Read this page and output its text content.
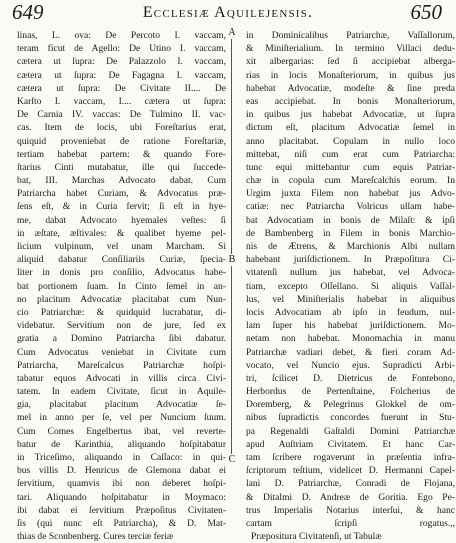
649	Ecclesiæ Aquilejensis.	650
linas, L. ova: De Percoto I. vaccam,
teram ficut de Agello: De Utino I. vaccam,
cætera ut ſupra: De Palazzolo I. vaccam,
cætera ut ſupra: De Fagagna I. vaccam,
cætera ut ſupra: De Civitate II.... De
Karſto I. vaccam, I.... cætera ut ſupra:
De Carnia IV. vaccas: De Tulmino II. vac-
cas. Item de locis, ubi Foreſtarius erat,
quiquid proveniebat de ratione Foreſtariæ,
tertiam habebat partem: & quando Fore-
ſtarius Cinti mutabatur, ille qui ſuccede-
bat, III. Marchas Advocato dabat. Cum
Patriarcha habet Curiam, & Advocatus præ-
ſens eſt, & in Curia fervit; ſi eſt in hye-
me, dabat Advocato hyemales veſtes: ſi
in æſtate, æſtivales: & qualibet hyeme pel-
licium vulpinum, vel unam Marcham. Si
aliquid dabatur Conſiliariis Curiæ, ſpecia-
liter in donis pro conſilio, Advocatus habe-
bat portionem ſuam. In Cinto ſemel in an-
no placitum Advocatiæ placitabat cum Nun-
cio Patriarchæ: & quidquid lucrabatur, di-
videbatur. Servitium non de jure, ſed ex
gratia a Domino Patriarcha ſibi dabatur.
Cum Advocatus veniebat in Civitate cum
Patriarcha, Mareſcalcus Patriarchæ hoſpi-
tabatur equos Advocati in villis circa Civi-
tatem. In eadem Civitate, ſicut in Aquile-
gia, placitabat placitum Advocatiæ ſe-
mel in anno per ſe, vel per Nuncium ſuum.
Cum Comes Engelbertus ibat, vel reverte-
batur de Karinthia, aliquando hoſpitabatur
in Triceſimo, aliquando in Caſſaco: in qui-
bus villis D. Henricus de Glemona dabat ei
ſervitium, quamvis ibi non deberet hoſpi-
tari. Aliquando hoſpitabatur in Moymaco:
ibi dabat ei ſervitium Præpoſitus Civitaten-
ſis (qui nunc eſt Patriarcha), & D. Mat-
thias de Sconbenberg. Cures terciæ feriæ
in Dominicalibus Patriarchæ, Vaſſallorum,
& Miniſterialium. In termino Villaci dedu-
xit albergarias: ſed ſi accipiebat alberga-
rias in locis Monaſteriorum, in quibus jus
habebat Advocatiæ, modeſte & ſine preda
eas accipiebat. In bonis Monaſteriorum,
in quibus jus habebat Advocatiæ, ut ſupra
dictum eſt, placitum Advocatiæ ſemel in
anno placitabat. Copulam in nullo loco
mittebat, niſi cum erat cum Patriarcha:
tunc equi mittebantur cum equis Patriar-
chæ in copula cum Mareſcalchis eorum. In
Urgim juxta Filem non habebat jus Advo-
catiæ: nec Patriarcha Volricus ullam habe-
bat Advocatiam in bonis de Milaſt: & ipſi
de Bambenberg in Filem in bonis Marchio-
nis de Ætrens, & Marchionis Albi nullam
habebant juriſdictionem. In Præpoſitura Ci-
vitatenſi nullum jus habebat, vel Advoca-
tiam, excepto Oſſellano. Si aliquis Vaſſal-
lus, vel Miniſterialis habebat in aliquibus
locis Advocatiam ab ipſo in feudum, nul-
lam ſuper his habebat juriſdictionem. Mo-
netam non habebat. Monomachia in manu
Patriarchæ vadiari debet, & fieri coram Ad-
vocato, vel Nuncio ejus. Supradicti Arbi-
tri, ſcilicet D. Dietricus de Fontebono,
Herbordus de Pertenſtaine, Folcherius de
Doremberg, & Pelegrinus Glokkel de om-
nibus ſupradictis concordes fuerunt in Stu-
pa Regenaldi Gaſtaldi Domini Patriarchæ
apud Auſtriam Civitatem. Et hanc Car-
tam ſcribere rogaverunt in præſentia infra-
ſcriptorum teſtium, videlicet D. Hermanni Capel-
lani D. Patriarchæ, Conradi de Flojana,
& Ditalmi D. Andreæ de Goritia. Ego Pe-
trus Imperialis Notarius interſui, & hanc
cartam ſcripſi rogatus.,,
Præpositura Civitatenſi, ut Tabulæ
A
B
C
